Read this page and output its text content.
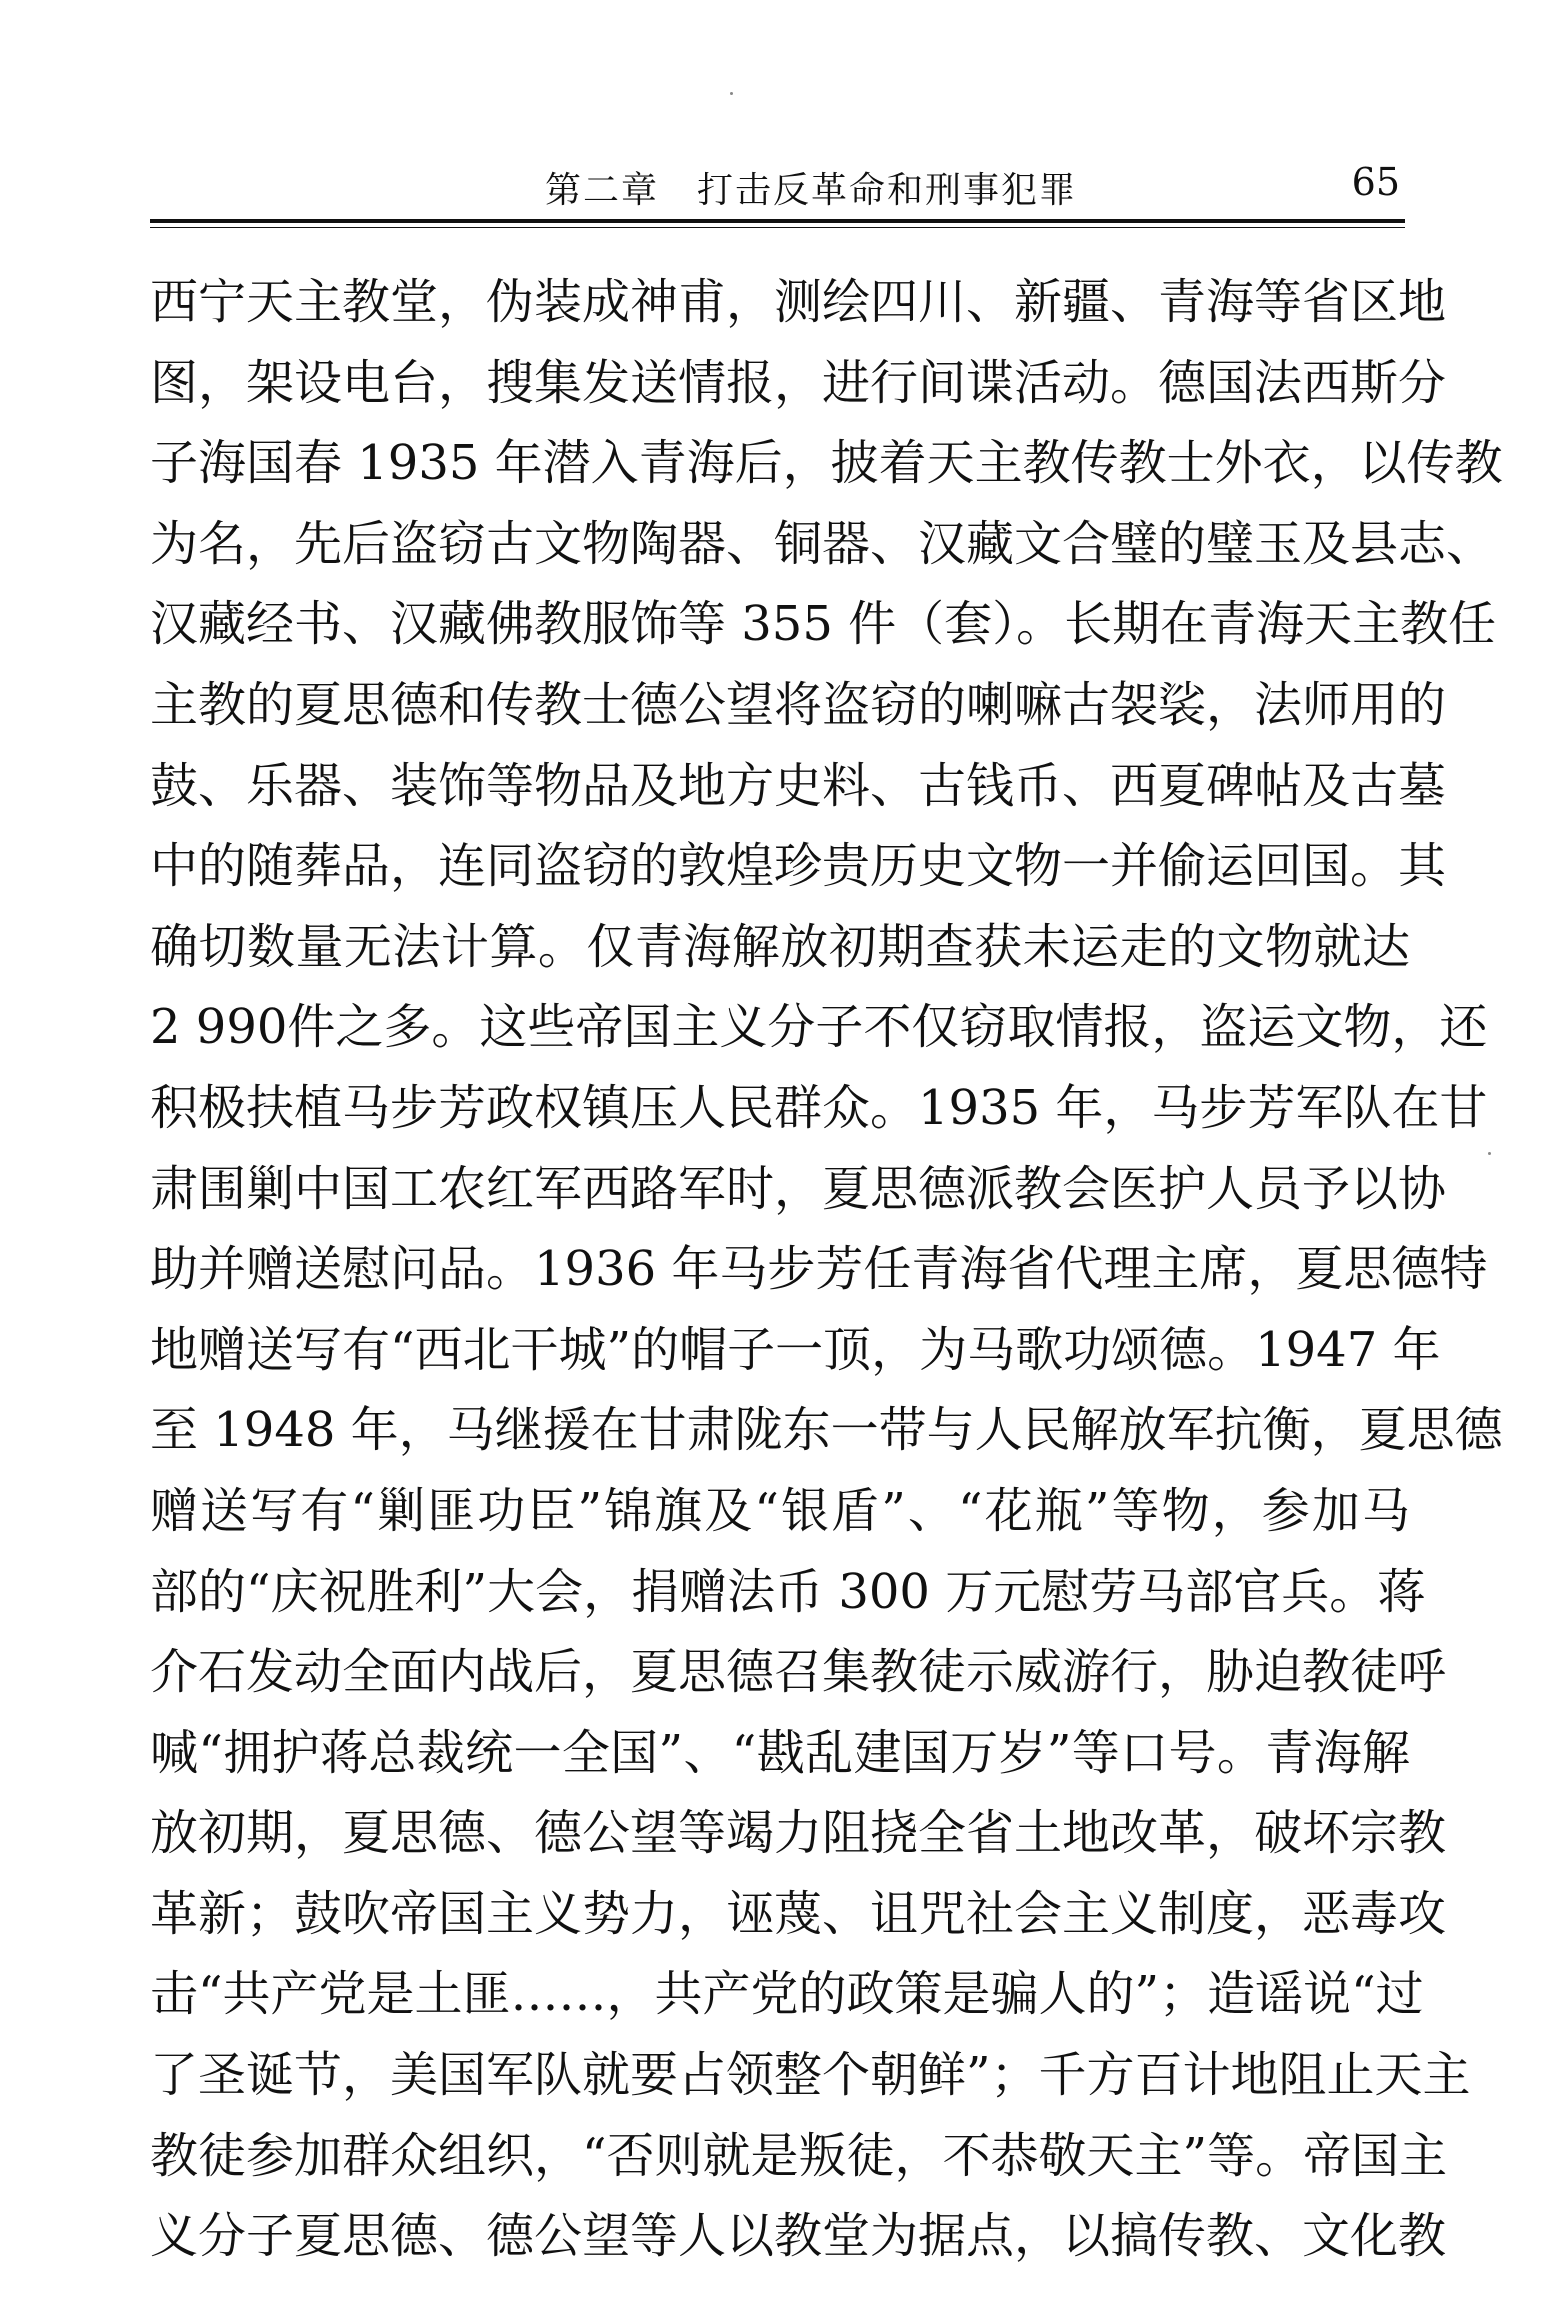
第二章　打击反革命和刑事犯罪	65
西宁天主教堂，伪装成神甫，测绘四川、新疆、青海等省区地
图，架设电台，搜集发送情报，进行间谍活动。德国法西斯分
子海国春 1935 年潜入青海后，披着天主教传教士外衣，以传教
为名，先后盗窃古文物陶器、铜器、汉藏文合璧的璧玉及县志、
汉藏经书、汉藏佛教服饰等 355 件（套）。长期在青海天主教任
主教的夏思德和传教士德公望将盗窃的喇嘛古袈裟，法师用的
鼓、乐器、装饰等物品及地方史料、古钱币、西夏碑帖及古墓
中的随葬品，连同盗窃的敦煌珍贵历史文物一并偷运回国。其
确切数量无法计算。仅青海解放初期查获未运走的文物就达
2 990件之多。这些帝国主义分子不仅窃取情报，盗运文物，还
积极扶植马步芳政权镇压人民群众。1935 年，马步芳军队在甘
肃围剿中国工农红军西路军时，夏思德派教会医护人员予以协
助并赠送慰问品。1936 年马步芳任青海省代理主席，夏思德特
地赠送写有“西北干城”的帽子一顶，为马歌功颂德。1947 年
至 1948 年，马继援在甘肃陇东一带与人民解放军抗衡，夏思德
赠送写有“剿匪功臣”锦旗及“银盾”、“花瓶”等物，参加马
部的“庆祝胜利”大会，捐赠法币 300 万元慰劳马部官兵。蒋
介石发动全面内战后，夏思德召集教徒示威游行，胁迫教徒呼
喊“拥护蒋总裁统一全国”、“戡乱建国万岁”等口号。青海解
放初期，夏思德、德公望等竭力阻挠全省土地改革，破坏宗教
革新；鼓吹帝国主义势力，诬蔑、诅咒社会主义制度，恶毒攻
击“共产党是土匪……，共产党的政策是骗人的”；造谣说“过
了圣诞节，美国军队就要占领整个朝鲜”；千方百计地阻止天主
教徒参加群众组织，“否则就是叛徒，不恭敬天主”等。帝国主
义分子夏思德、德公望等人以教堂为据点，以搞传教、文化教
